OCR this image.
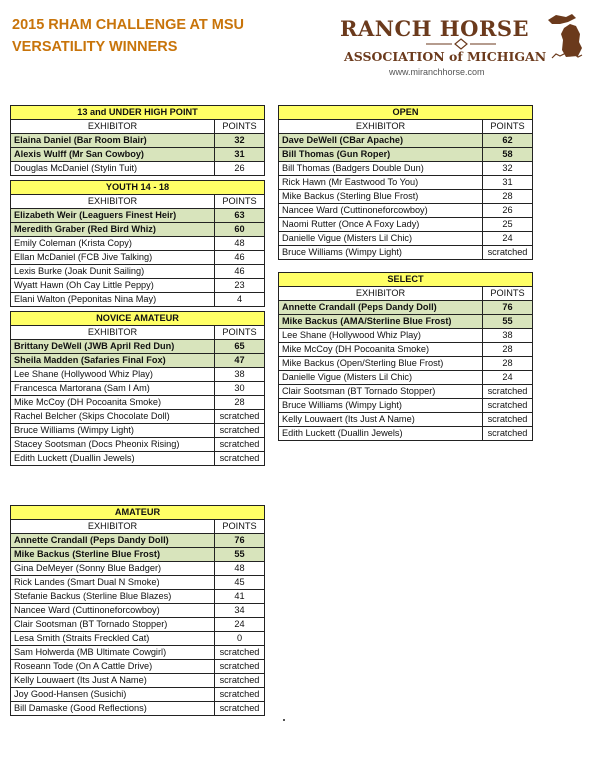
2015 RHAM CHALLENGE AT MSU
VERSATILITY WINNERS
RANCH HORSE
ASSOCIATION of MICHIGAN
www.miranchhorse.com
13 and UNDER HIGH POINT	
EXHIBITOR	POINTS
Elaina Daniel (Bar Room Blair)	32
Alexis Wulff (Mr San Cowboy)	31
Douglas McDaniel (Stylin Tuit)	26

YOUTH 14 - 18	
EXHIBITOR	POINTS
Elizabeth Weir (Leaguers Finest Heir)	63
Meredith Graber (Red Bird Whiz)	60
Emily Coleman (Krista Copy)	48
Ellan McDaniel (FCB Jive Talking)	46
Lexis Burke (Joak Dunit Sailing)	46
Wyatt Hawn (Oh Cay Little Peppy)	23
Elani Walton (Peponitas Nina May)	4

NOVICE AMATEUR	
EXHIBITOR	POINTS
Brittany DeWell (JWB April Red Dun)	65
Sheila Madden (Safaries Final Fox)	47
Lee Shane (Hollywood Whiz Play)	38
Francesca Martorana (Sam I Am)	30
Mike McCoy (DH Pocoanita Smoke)	28
Rachel Belcher (Skips Chocolate Doll)	scratched
Bruce Williams (Wimpy Light)	scratched
Stacey Sootsman (Docs Pheonix Rising)	scratched
Edith Luckett (Duallin Jewels)	scratched
AMATEUR	
EXHIBITOR	POINTS
Annette Crandall (Peps Dandy Doll)	76
Mike Backus (Sterline Blue Frost)	55
Gina DeMeyer (Sonny Blue Badger)	48
Rick Landes (Smart Dual N Smoke)	45
Stefanie Backus (Sterline Blue Blazes)	41
Nancee Ward (Cuttinoneforcowboy)	34
Clair Sootsman (BT Tornado Stopper)	24
Lesa Smith (Straits Freckled Cat)	0
Sam Holwerda (MB Ultimate Cowgirl)	scratched
Roseann Tode (On A Cattle Drive)	scratched
Kelly Louwaert (Its Just A Name)	scratched
Joy Good-Hansen (Susichi)	scratched
Bill Damaske (Good Reflections)	scratched
OPEN	
EXHIBITOR	POINTS
Dave DeWell (CBar Apache)	62
Bill Thomas (Gun Roper)	58
Bill Thomas (Badgers Double Dun)	32
Rick Hawn (Mr Eastwood To You)	31
Mike Backus (Sterling Blue Frost)	28
Nancee Ward (Cuttinoneforcowboy)	26
Naomi Rutter (Once A Foxy Lady)	25
Danielle Vigue (Misters Lil Chic)	24
Bruce Williams (Wimpy Light)	scratched

SELECT	
EXHIBITOR	POINTS
Annette Crandall (Peps Dandy Doll)	76
Mike Backus (AMA/Sterline Blue Frost)	55
Lee Shane (Hollywood Whiz Play)	38
Mike McCoy (DH Pocoanita Smoke)	28
Mike Backus (Open/Sterling Blue Frost)	28
Danielle Vigue (Misters Lil Chic)	24
Clair Sootsman (BT Tornado Stopper)	scratched
Bruce Williams (Wimpy Light)	scratched
Kelly Louwaert (Its Just A Name)	scratched
Edith Luckett (Duallin Jewels)	scratched
